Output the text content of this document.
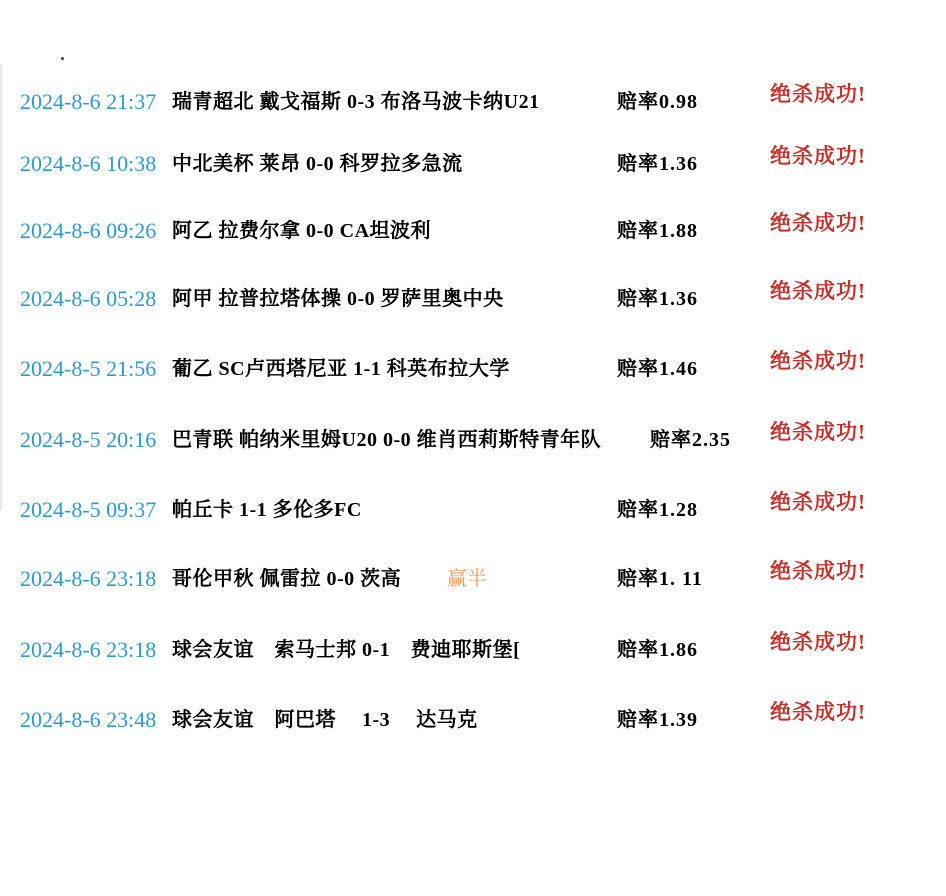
2024-8-6 21:37 瑞青超北 戴戈福斯 0-3 布洛马波卡纳U21	赔率0.98	绝杀成功!
2024-8-6 10:38 中北美杯 莱昂 0-0 科罗拉多急流	赔率1.36	绝杀成功!
2024-8-6 09:26 阿乙 拉费尔拿 0-0 CA坦波利	赔率1.88	绝杀成功!
2024-8-6 05:28 阿甲 拉普拉塔体操 0-0 罗萨里奥中央	赔率1.36	绝杀成功!
2024-8-5 21:56 葡乙 SC卢西塔尼亚 1-1 科英布拉大学	赔率1.46	绝杀成功!
2024-8-5 20:16 巴青联 帕纳米里姆U20 0-0 维肖西莉斯特青年队 赔率2.35 绝杀成功!
2024-8-5 09:37 帕丘卡 1-1 多伦多FC	赔率1.28	绝杀成功!
2024-8-6 23:18 哥伦甲秋 佩雷拉 0-0 茨高 赢半	赔率1. 11	绝杀成功!
2024-8-6 23:18 球会友谊　索马士邦 0-1　费迪耶斯堡[	赔率1.86	绝杀成功!
2024-8-6 23:48 球会友谊　阿巴塔　 1-3　 达马克	赔率1.39	绝杀成功!
